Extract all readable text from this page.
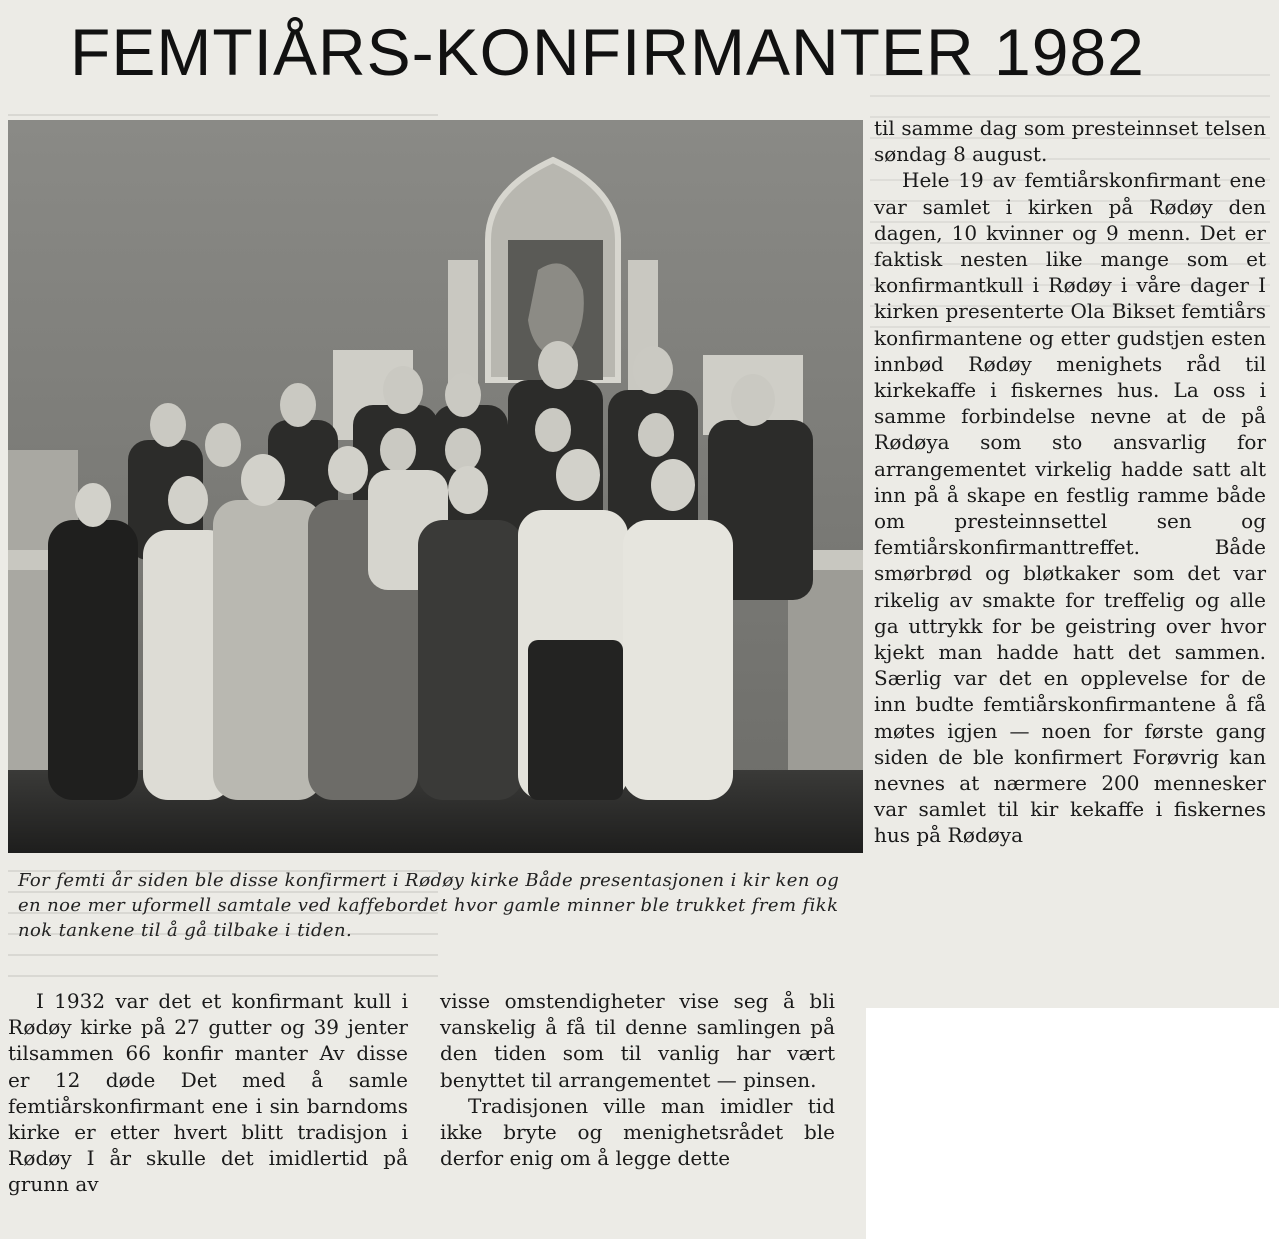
FEMTIÅRS-KONFIRMANTER 1982
For femti år siden ble disse konfirmert i Rødøy kirke Både presentasjonen i kir ken og en noe mer uformell samtale ved kaffebordet hvor gamle minner ble trukket frem fikk nok tankene til å gå tilbake i tiden.

til samme dag som presteinnset telsen søndag 8 august.

Hele 19 av femtiårskonfirmant ene var samlet i kirken på Rødøy den dagen, 10 kvinner og 9 menn. Det er faktisk nesten like mange som et konfirmantkull i Rødøy i våre dager I kirken presenterte Ola Bikset femtiårs konfirmantene og etter gudstjen esten innbød Rødøy menighets råd til kirkekaffe i fiskernes hus. La oss i samme forbindelse nevne at de på Rødøya som sto ansvarlig for arrangementet virkelig hadde satt alt inn på å skape en festlig ramme både om presteinnsettel sen og femtiårskonfirmanttreffet. Både smørbrød og bløtkaker som det var rikelig av smakte for treffelig og alle ga uttrykk for be geistring over hvor kjekt man hadde hatt det sammen. Særlig var det en opplevelse for de inn budte femtiårskonfirmantene å få møtes igjen — noen for første gang siden de ble konfirmert Forøvrig kan nevnes at nærmere 200 mennesker var samlet til kir kekaffe i fiskernes hus på Rødøya

I 1932 var det et konfirmant kull i Rødøy kirke på 27 gutter og 39 jenter tilsammen 66 konfir manter Av disse er 12 døde Det med å samle femtiårskonfirmant ene i sin barndoms kirke er etter hvert blitt tradisjon i Rødøy I år skulle det imidlertid på grunn av

visse omstendigheter vise seg å bli vanskelig å få til denne samlingen på den tiden som til vanlig har vært benyttet til arrangementet — pinsen.

Tradisjonen ville man imidler tid ikke bryte og menighetsrådet ble derfor enig om å legge dette
